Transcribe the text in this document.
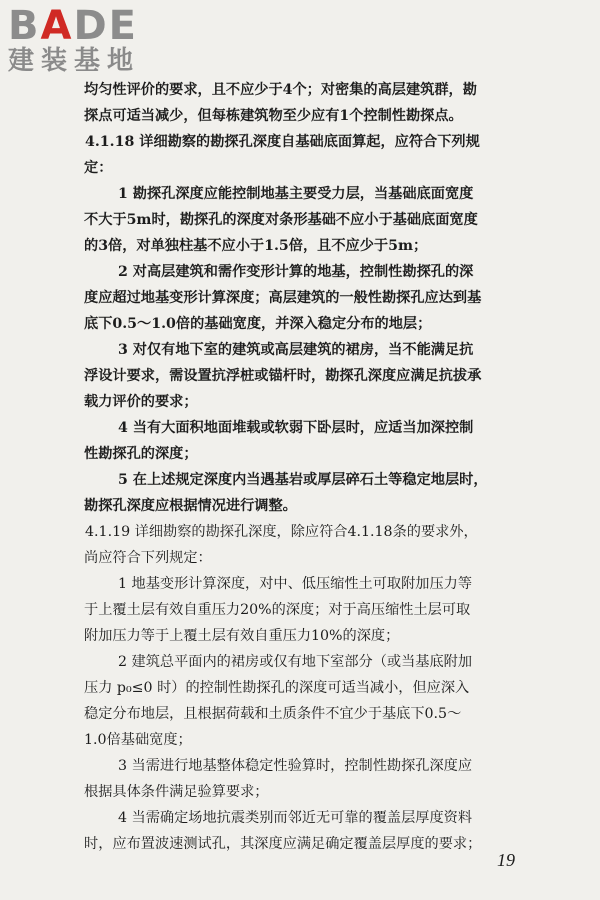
BADE
建装基地
均匀性评价的要求，且不应少于4个；对密集的高层建筑群，勘
探点可适当减少，但每栋建筑物至少应有1个控制性勘探点。
4.1.18 详细勘察的勘探孔深度自基础底面算起，应符合下列规
定：
1 勘探孔深度应能控制地基主要受力层，当基础底面宽度
不大于5m时，勘探孔的深度对条形基础不应小于基础底面宽度
的3倍，对单独柱基不应小于1.5倍，且不应少于5m；
2 对高层建筑和需作变形计算的地基，控制性勘探孔的深
度应超过地基变形计算深度；高层建筑的一般性勘探孔应达到基
底下0.5～1.0倍的基础宽度，并深入稳定分布的地层；
3 对仅有地下室的建筑或高层建筑的裙房，当不能满足抗
浮设计要求，需设置抗浮桩或锚杆时，勘探孔深度应满足抗拔承
载力评价的要求；
4 当有大面积地面堆载或软弱下卧层时，应适当加深控制
性勘探孔的深度；
5 在上述规定深度内当遇基岩或厚层碎石土等稳定地层时，
勘探孔深度应根据情况进行调整。
4.1.19 详细勘察的勘探孔深度，除应符合4.1.18条的要求外，
尚应符合下列规定：
1 地基变形计算深度，对中、低压缩性土可取附加压力等
于上覆土层有效自重压力20%的深度；对于高压缩性土层可取
附加压力等于上覆土层有效自重压力10%的深度；
2 建筑总平面内的裙房或仅有地下室部分（或当基底附加
压力 p₀≤0 时）的控制性勘探孔的深度可适当减小，但应深入
稳定分布地层，且根据荷载和土质条件不宜少于基底下0.5～
1.0倍基础宽度；
3 当需进行地基整体稳定性验算时，控制性勘探孔深度应
根据具体条件满足验算要求；
4 当需确定场地抗震类别而邻近无可靠的覆盖层厚度资料
时，应布置波速测试孔，其深度应满足确定覆盖层厚度的要求；
19
